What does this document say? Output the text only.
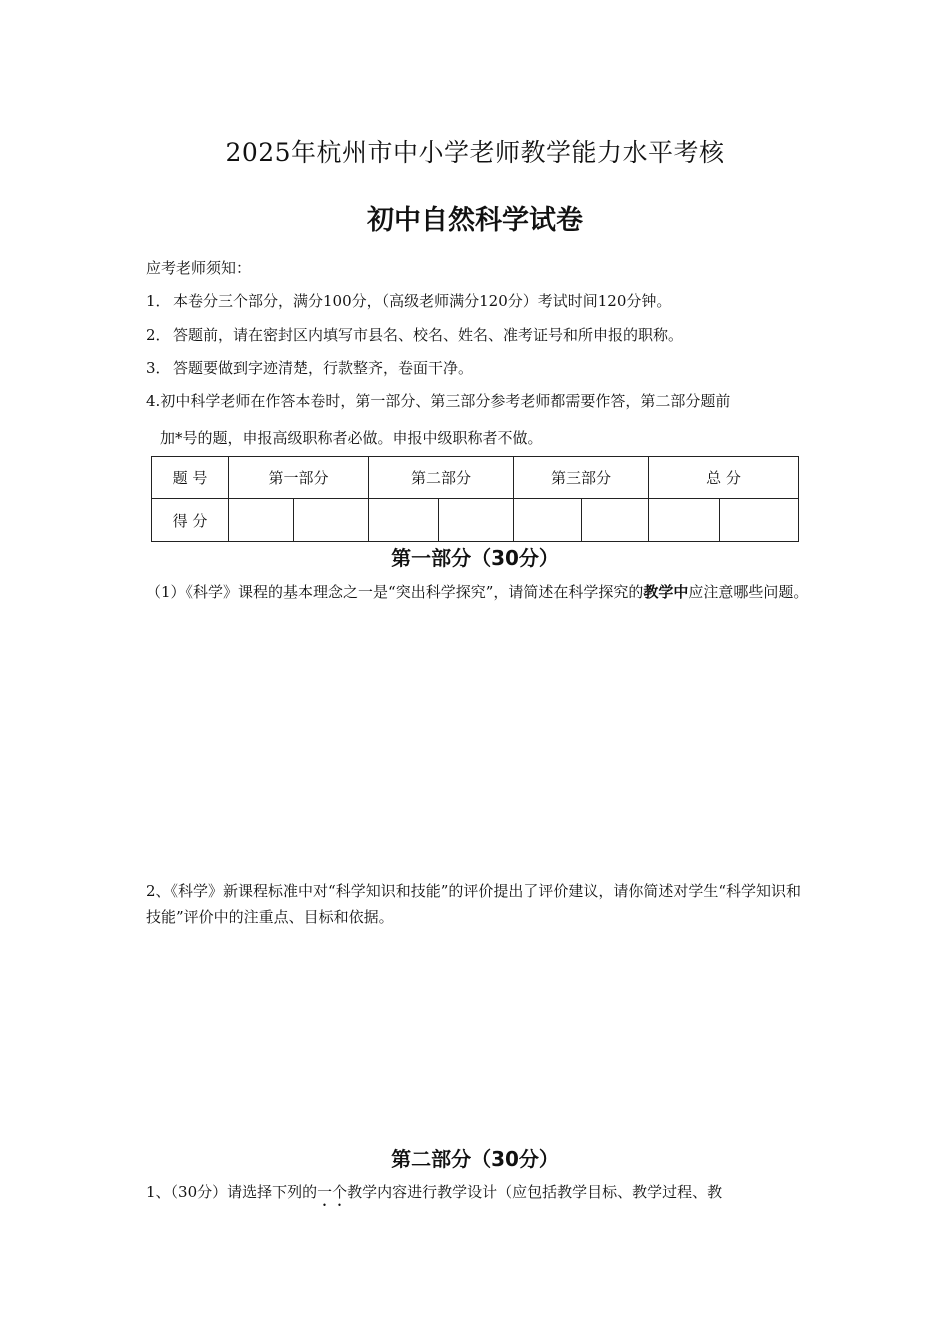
2025年杭州市中小学老师教学能力水平考核
初中自然科学试卷
应考老师须知：
1． 本卷分三个部分，满分100分，（高级老师满分120分）考试时间120分钟。
2． 答题前，请在密封区内填写市县名、校名、姓名、准考证号和所申报的职称。
3． 答题要做到字迹清楚，行款整齐，卷面干净。
4.初中科学老师在作答本卷时，第一部分、第三部分参考老师都需要作答，第二部分题前
加*号的题，申报高级职称者必做。申报中级职称者不做。
题 号	第一部分		第二部分		第三部分		总 分	
得 分								
第一部分（30分）
（1）《科学》课程的基本理念之一是“突出科学探究”，请简述在科学探究的教学中应注意哪些问题。
2、《科学》新课程标准中对“科学知识和技能”的评价提出了评价建议，请你简述对学生“科学知识和技能”评价中的注重点、目标和依据。
第二部分（30分）
1、（30分）请选择下列的一个教学内容进行教学设计（应包括教学目标、教学过程、教
